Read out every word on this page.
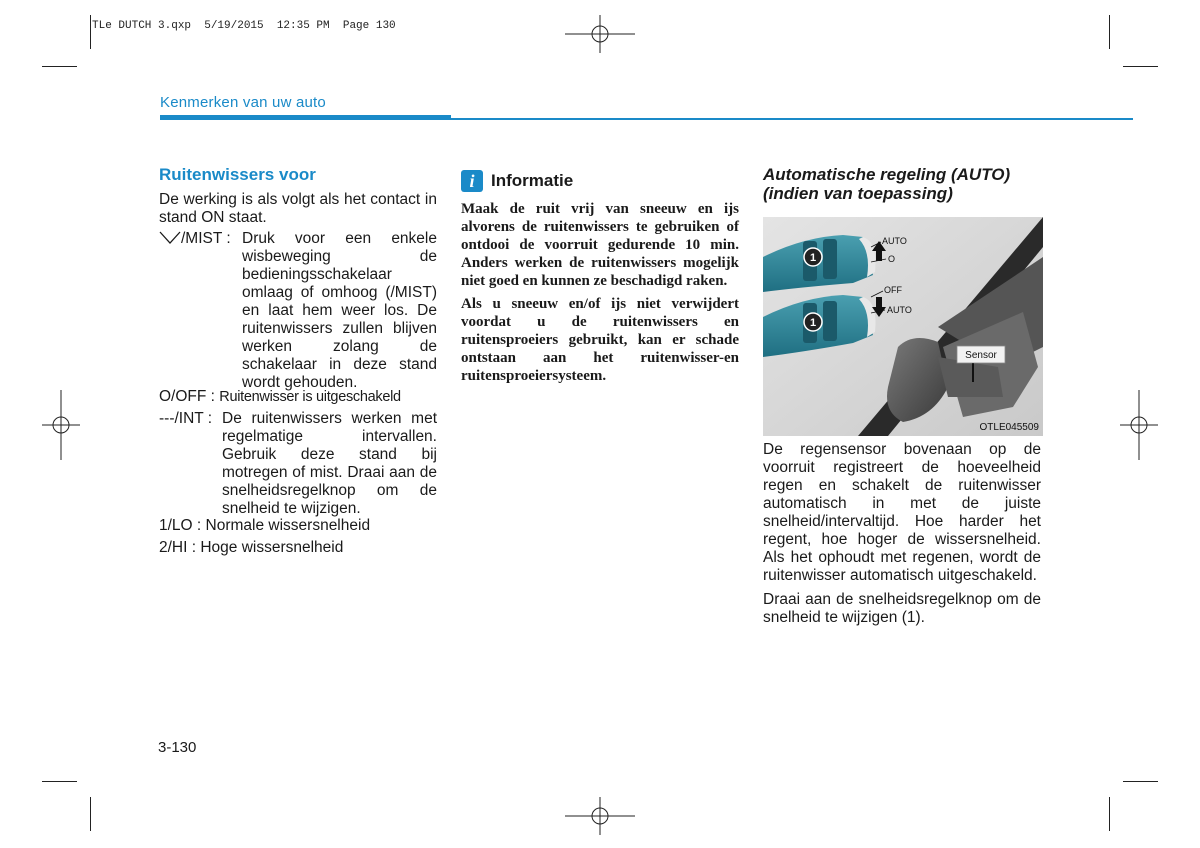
TLe DUTCH 3.qxp  5/19/2015  12:35 PM  Page 130
Kenmerken van uw auto
Ruitenwissers voor
De werking is als volgt als het contact in stand ON staat.
/MIST : Druk voor een enkele wisbeweging de bedieningsschakelaar omlaag of omhoog (/MIST) en laat hem weer los. De ruitenwissers zullen blijven werken zolang de schakelaar in deze stand wordt gehouden.
O/OFF : Ruitenwisser is uitgeschakeld
---/INT : De ruitenwissers werken met regelmatige intervallen. Gebruik deze stand bij motregen of mist. Draai aan de snelheidsregelknop om de snelheid te wijzigen.
1/LO : Normale wissersnelheid
2/HI : Hoge wissersnelheid
i Informatie

Maak de ruit vrij van sneeuw en ijs alvorens de ruitenwissers te gebruiken of ontdooi de voorruit gedurende 10 min. Anders werken de ruitenwissers mogelijk niet goed en kunnen ze beschadigd raken.

Als u sneeuw en/of ijs niet verwijdert voordat u de ruitenwissers en ruitensproeiers gebruikt, kan er schade ontstaan aan het ruitenwisser-en ruitensproeiersysteem.

Automatische regeling (AUTO) (indien van toepassing)
AUTO
O
OFF
AUTO
Sensor
1
1
OTLE045509

De regensensor bovenaan op de voorruit registreert de hoeveelheid regen en schakelt de ruitenwisser automatisch in met de juiste snelheid/intervaltijd. Hoe harder het regent, hoe hoger de wissersnelheid. Als het ophoudt met regenen, wordt de ruitenwisser automatisch uitgeschakeld.

Draai aan de snelheidsregelknop om de snelheid te wijzigen (1).

3-130
